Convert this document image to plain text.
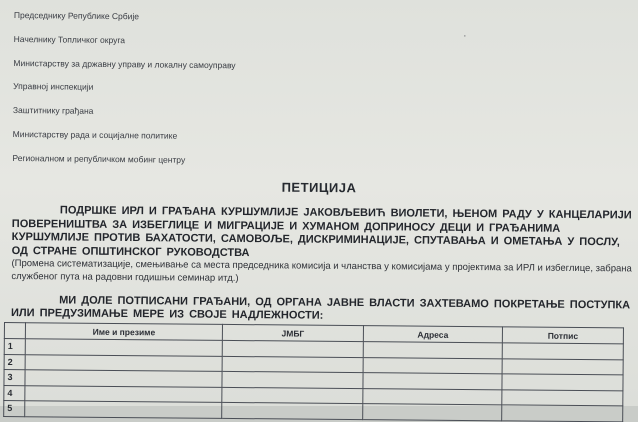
·
Председнику Републике Србије
Начелнику Топличког округа
Министарству за државну управу и локалну самоуправу
Управној инспекцији
Заштитнику грађана
Министарству рада и социјалне политике
Регионалном и републичком мобинг центру
ПЕТИЦИЈА

ПОДРШКЕ ИРЛ И ГРАЂАНА КУРШУМЛИЈЕ ЈАКОВЉЕВИЋ ВИОЛЕТИ, ЊЕНОМ РАДУ У КАНЦЕЛАРИЈИ ПОВЕРЕНИШТВА ЗА ИЗБЕГЛИЦЕ И МИГРАЦИЈЕ И ХУМАНОМ ДОПРИНОСУ ДЕЦИ И ГРАЂАНИМА КУРШУМЛИЈЕ ПРОТИВ БАХАТОСТИ, САМОВОЉЕ, ДИСКРИМИНАЦИЈЕ, СПУТАВАЊА И ОМЕТАЊА У ПОСЛУ, ОД СТРАНЕ ОПШТИНСКОГ РУКОВОДСТВА

(Промена систематизације, смењивање са места председника комисија и чланства у комисијама у пројектима за ИРЛ и избеглице, забрана службеног пута на радовни годишњи семинар итд.)

МИ ДОЛЕ ПОТПИСАНИ ГРАЂАНИ, ОД ОРГАНА ЈАВНЕ ВЛАСТИ ЗАХТЕВАМО ПОКРЕТАЊЕ ПОСТУПКА ИЛИ ПРЕДУЗИМАЊЕ МЕРЕ ИЗ СВОЈЕ НАДЛЕЖНОСТИ:

	Име и презиме	ЈМБГ	Адреса	Потпис
1				
2				
3				
4				
5				
